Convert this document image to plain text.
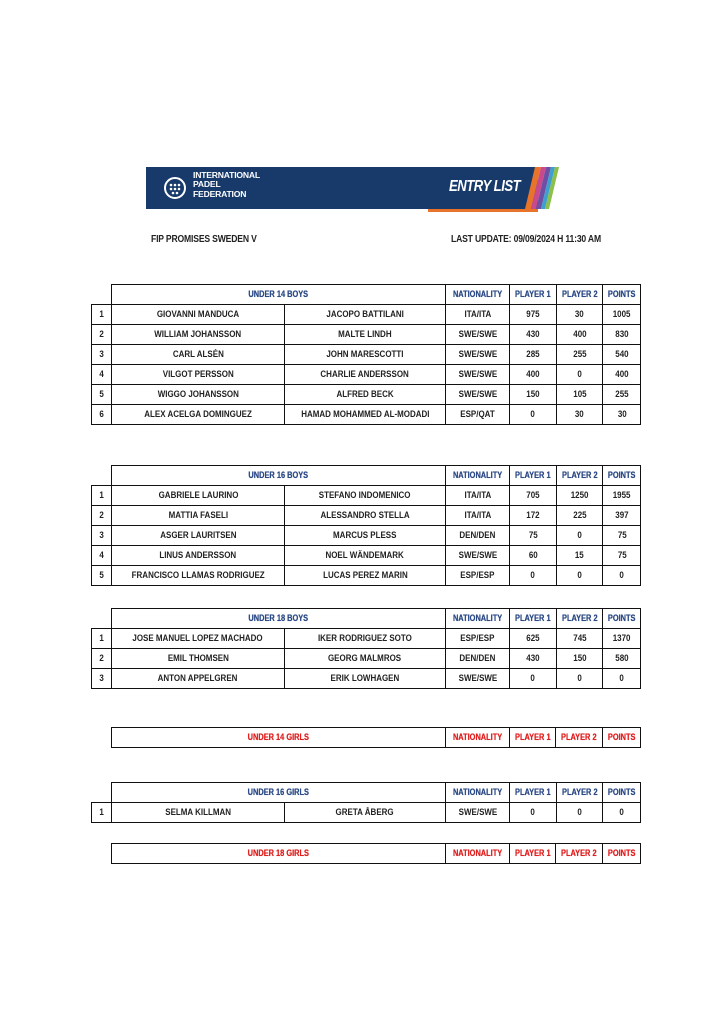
INTERNATIONAL
PADEL
FEDERATION	ENTRY LIST
FIP PROMISES SWEDEN V	LAST UPDATE: 09/09/2024 H 11:30 AM
	UNDER 14 BOYS		NATIONALITY	PLAYER 1	PLAYER 2	POINTS
1	GIOVANNI MANDUCA	JACOPO BATTILANI	ITA/ITA	975	30	1005
2	WILLIAM JOHANSSON	MALTE LINDH	SWE/SWE	430	400	830
3	CARL ALSÉN	JOHN MARESCOTTI	SWE/SWE	285	255	540
4	VILGOT PERSSON	CHARLIE ANDERSSON	SWE/SWE	400	0	400
5	WIGGO JOHANSSON	ALFRED BECK	SWE/SWE	150	105	255
6	ALEX ACELGA DOMINGUEZ	HAMAD MOHAMMED AL-MODADI	ESP/QAT	0	30	30
	UNDER 16 BOYS		NATIONALITY	PLAYER 1	PLAYER 2	POINTS
1	GABRIELE LAURINO	STEFANO INDOMENICO	ITA/ITA	705	1250	1955
2	MATTIA FASELI	ALESSANDRO STELLA	ITA/ITA	172	225	397
3	ASGER LAURITSEN	MARCUS PLESS	DEN/DEN	75	0	75
4	LINUS ANDERSSON	NOEL WÄNDEMARK	SWE/SWE	60	15	75
5	FRANCISCO LLAMAS RODRIGUEZ	LUCAS PEREZ MARIN	ESP/ESP	0	0	0
	UNDER 18 BOYS		NATIONALITY	PLAYER 1	PLAYER 2	POINTS
1	JOSE MANUEL LOPEZ MACHADO	IKER RODRIGUEZ SOTO	ESP/ESP	625	745	1370
2	EMIL THOMSEN	GEORG MALMROS	DEN/DEN	430	150	580
3	ANTON APPELGREN	ERIK LOWHAGEN	SWE/SWE	0	0	0
	UNDER 14 GIRLS	NATIONALITY	PLAYER 1	PLAYER 2	POINTS
	UNDER 16 GIRLS		NATIONALITY	PLAYER 1	PLAYER 2	POINTS
1	SELMA KILLMAN	GRETA ÅBERG	SWE/SWE	0	0	0
	UNDER 18 GIRLS	NATIONALITY	PLAYER 1	PLAYER 2	POINTS
